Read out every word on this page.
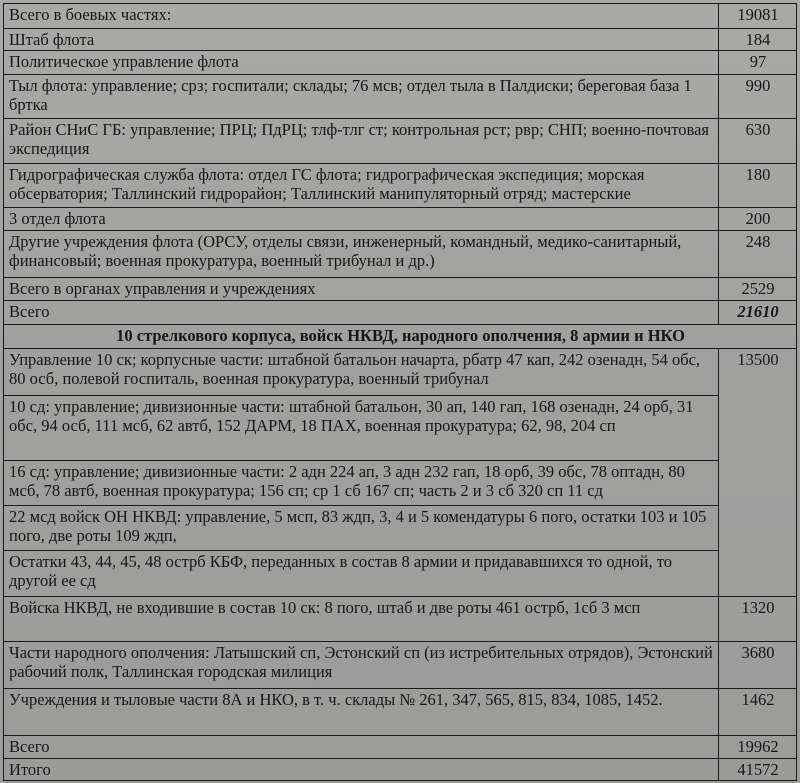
Всего в боевых частях:	19081
Штаб флота	184
Политическое управление флота	97
Тыл флота: управление; срз; госпитали; склады; 76 мсв; отдел тыла в Палдиски; береговая база 1 бртка	990
Район СНиС ГБ: управление; ПРЦ; ПдРЦ; тлф-тлг ст; контрольная рст; рвр; СНП; военно-почтовая экспедиция	630
Гидрографическая служба флота: отдел ГС флота; гидрографическая экспедиция; морская обсерватория; Таллинский гидрорайон; Таллинский манипуляторный отряд; мастерские	180
3 отдел флота	200
Другие учреждения флота (ОРСУ, отделы связи, инженерный, командный, медико-санитарный, финансовый; военная прокуратура, военный трибунал и др.)	248
Всего в органах управления и учреждениях	2529
Всего	21610
10 стрелкового корпуса, войск НКВД, народного ополчения, 8 армии и НКО	
Управление 10 ск; корпусные части: штабной батальон начарта, рбатр 47 кап, 242 озенадн, 54 обс, 80 осб, полевой госпиталь, военная прокуратура, военный трибунал	13500
10 сд: управление; дивизионные части: штабной батальон, 30 ап, 140 гап, 168 озенадн, 24 орб, 31 обс, 94 осб, 111 мсб, 62 автб, 152 ДАРМ, 18 ПАХ, военная прокуратура; 62, 98, 204 сп	
16 сд: управление; дивизионные части: 2 адн 224 ап, 3 адн 232 гап, 18 орб, 39 обс, 78 оптадн, 80 мсб, 78 автб, военная прокуратура; 156 сп; ср 1 сб 167 сп; часть 2 и 3 сб 320 сп 11 сд	
22 мсд войск ОН НКВД: управление, 5 мсп, 83 ждп, 3, 4 и 5 комендатуры 6 пого, остатки 103 и 105 пого, две роты 109 ждп,	
Остатки 43, 44, 45, 48 острб КБФ, переданных в состав 8 армии и придававшихся то одной, то другой ее сд	
Войска НКВД, не входившие в состав 10 ск: 8 пого, штаб и две роты 461 острб, 1сб 3 мсп	1320
Части народного ополчения: Латышский сп, Эстонский сп (из истребительных отрядов), Эстонский рабочий полк, Таллинская городская милиция	3680
Учреждения и тыловые части 8А и НКО, в т. ч. склады № 261, 347, 565, 815, 834, 1085, 1452.	1462
Всего	19962
Итого	41572
